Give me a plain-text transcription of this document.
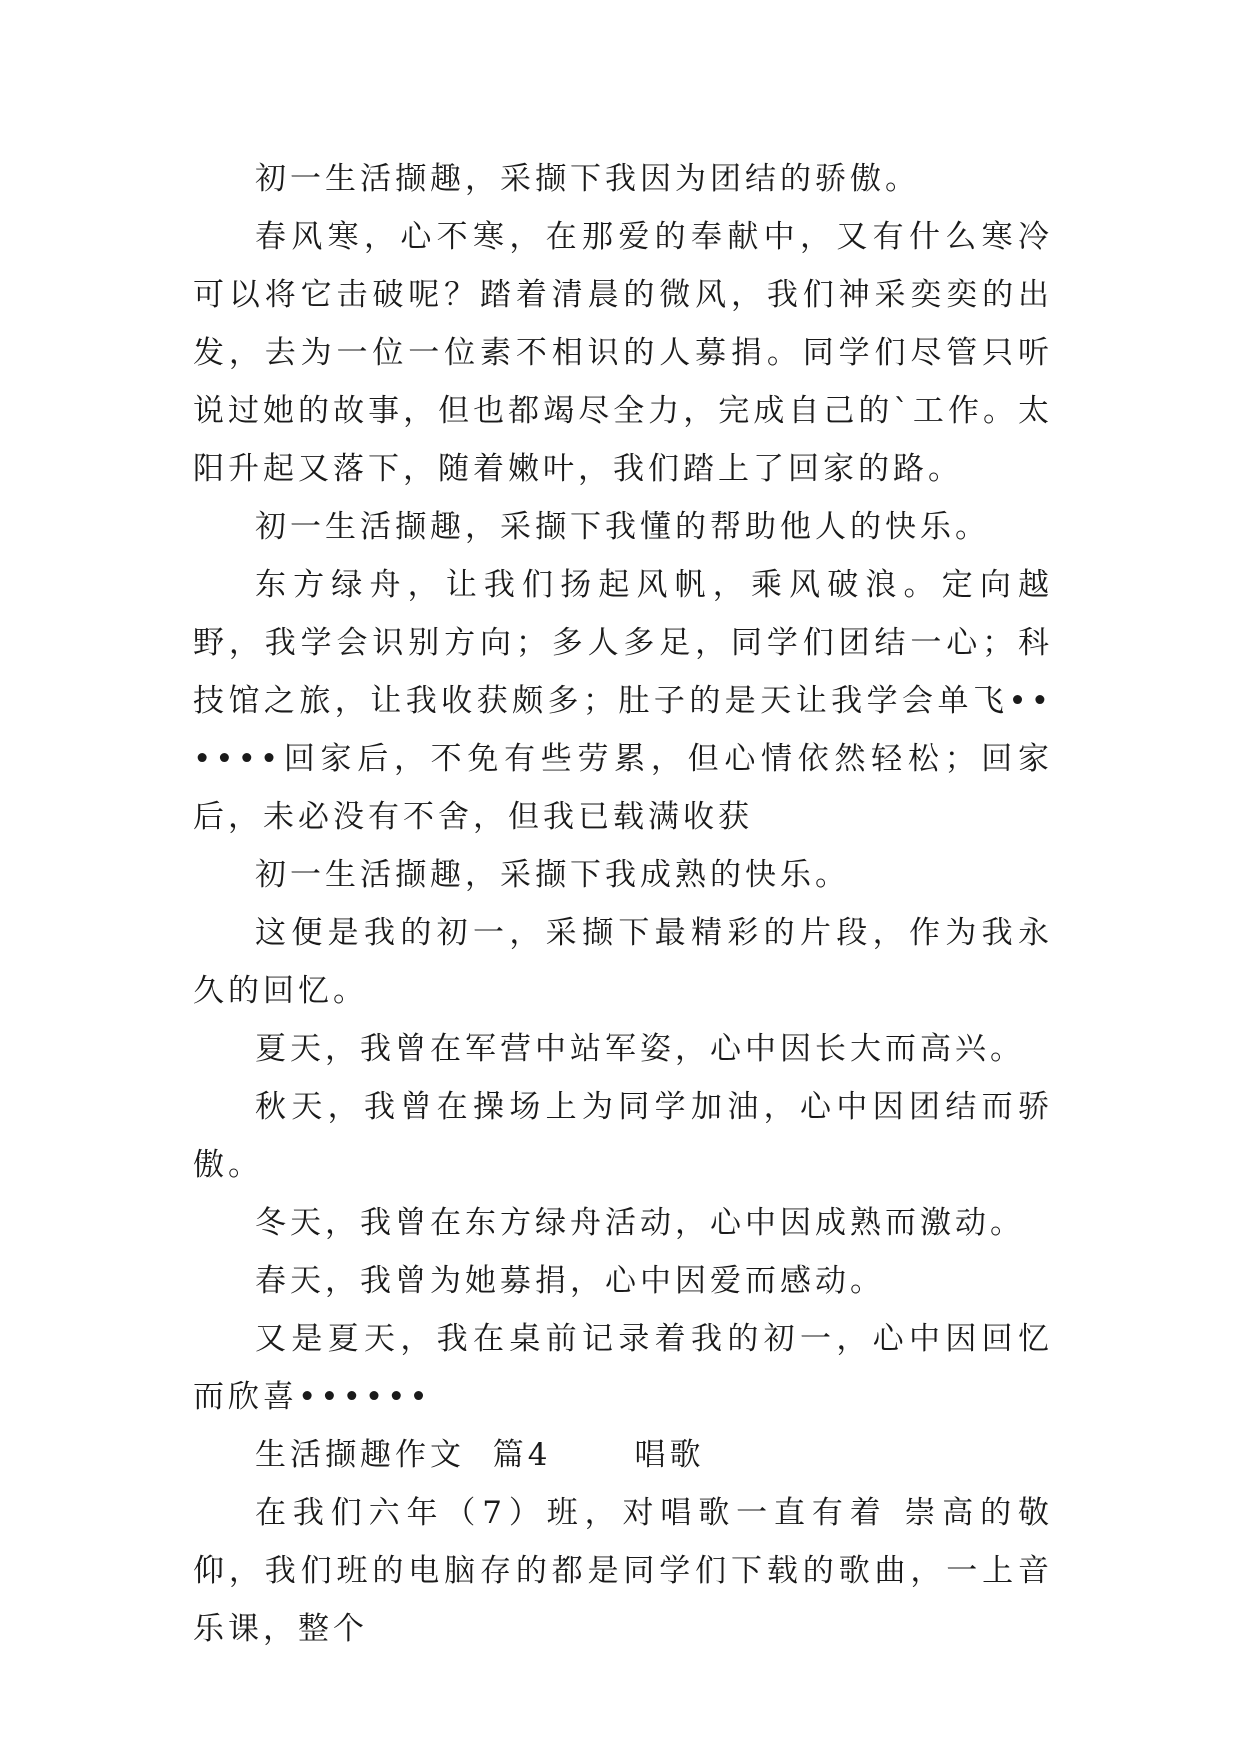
初一生活撷趣，采撷下我因为团结的骄傲。

春风寒，心不寒，在那爱的奉献中，又有什么寒冷可以将它击破呢？踏着清晨的微风，我们神采奕奕的出发，去为一位一位素不相识的人募捐。同学们尽管只听说过她的故事，但也都竭尽全力，完成自己的`工作。太阳升起又落下，随着嫩叶，我们踏上了回家的路。

初一生活撷趣，采撷下我懂的帮助他人的快乐。

东方绿舟，让我们扬起风帆，乘风破浪。定向越野，我学会识别方向；多人多足，同学们团结一心；科技馆之旅，让我收获颇多；肚子的是天让我学会单飞••••••回家后，不免有些劳累，但心情依然轻松；回家后，未必没有不舍，但我已载满收获

初一生活撷趣，采撷下我成熟的快乐。

这便是我的初一，采撷下最精彩的片段，作为我永久的回忆。

夏天，我曾在军营中站军姿，心中因长大而高兴。

秋天，我曾在操场上为同学加油，心中因团结而骄傲。

冬天，我曾在东方绿舟活动，心中因成熟而激动。

春天，我曾为她募捐，心中因爱而感动。

又是夏天，我在桌前记录着我的初一，心中因回忆而欣喜••••••

生活撷趣作文  篇4      唱歌

在我们六年（7）班，对唱歌一直有着 崇高的敬仰，我们班的电脑存的都是同学们下载的歌曲，一上音乐课，整个
